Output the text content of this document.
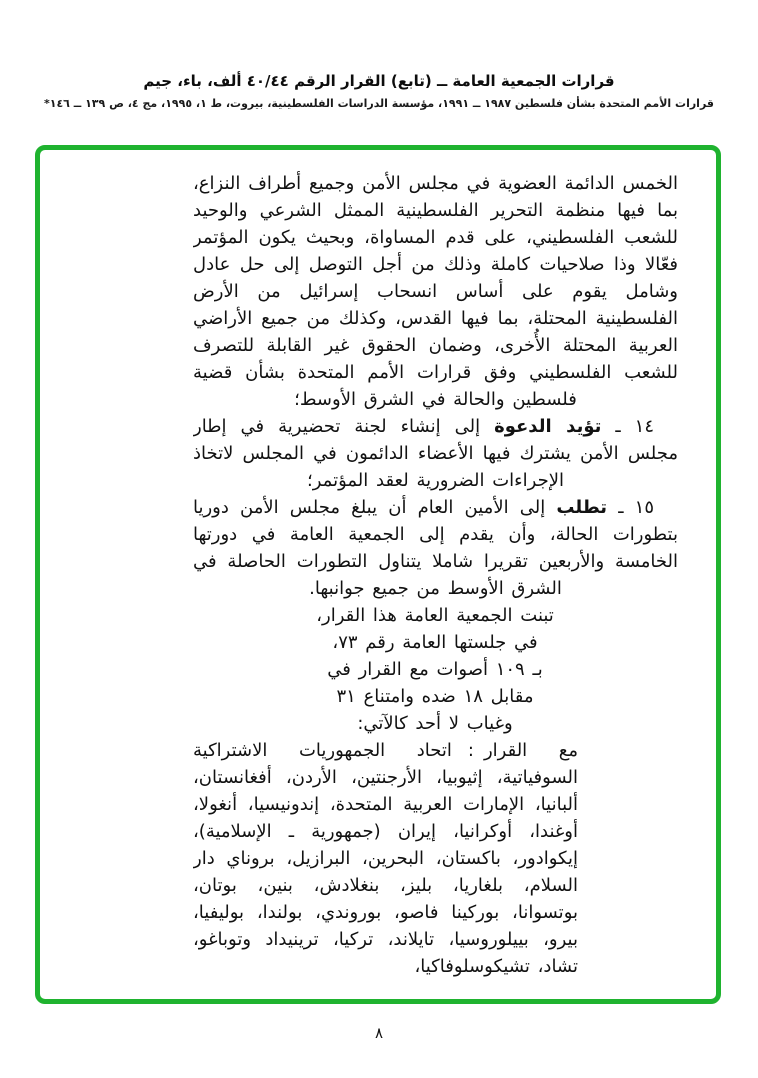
قرارات الجمعية العامة ــ (تابع) القرار الرقم ٤٠/٤٤ ألف، باء، جيم
قرارات الأمم المتحدة بشأن فلسطين ١٩٨٧ ــ ١٩٩١، مؤسسة الدراسات الفلسطينية، بيروت، ط ١، ١٩٩٥، مج ٤، ص ١٣٩ ــ ١٤٦*

الخمس الدائمة العضوية في مجلس الأمن وجميع أطراف النزاع، بما فيها منظمة التحرير الفلسطينية الممثل الشرعي والوحيد للشعب الفلسطيني، على قدم المساواة، وبحيث يكون المؤتمر فعّالا وذا صلاحيات كاملة وذلك من أجل التوصل إلى حل عادل وشامل يقوم على أساس انسحاب إسرائيل من الأرض الفلسطينية المحتلة، بما فيها القدس، وكذلك من جميع الأراضي العربية المحتلة الأُخرى، وضمان الحقوق غير القابلة للتصرف للشعب الفلسطيني وفق قرارات الأمم المتحدة بشأن قضية فلسطين والحالة في الشرق الأوسط؛

١٤ ـ تؤيد الدعوة إلى إنشاء لجنة تحضيرية في إطار مجلس الأمن يشترك فيها الأعضاء الدائمون في المجلس لاتخاذ الإجراءات الضرورية لعقد المؤتمر؛

١٥ ـ تطلب إلى الأمين العام أن يبلغ مجلس الأمن دوريا بتطورات الحالة، وأن يقدم إلى الجمعية العامة في دورتها الخامسة والأربعين تقريرا شاملا يتناول التطورات الحاصلة في الشرق الأوسط من جميع جوانبها.

تبنت الجمعية العامة هذا القرار،
في جلستها العامة رقم ٧٣،
بـ ١٠٩ أصوات مع القرار في
مقابل ١٨ ضده وامتناع ٣١
وغياب لا أحد كالآتي:
مع القرار:اتحاد الجمهوريات الاشتراكية السوفياتية، إثيوبيا، الأرجنتين، الأردن، أفغانستان، ألبانيا، الإمارات العربية المتحدة، إندونيسيا، أنغولا، أوغندا، أوكرانيا، إيران (جمهورية ـ الإسلامية)، إيكوادور، باكستان، البحرين، البرازيل، بروناي دار السلام، بلغاريا، بليز، بنغلادش، بنين، بوتان، بوتسوانا، بوركينا فاصو، بوروندي، بولندا، بوليفيا، بيرو، بييلوروسيا، تايلاند، تركيا، ترينيداد وتوباغو، تشاد، تشيكوسلوفاكيا،
٨
